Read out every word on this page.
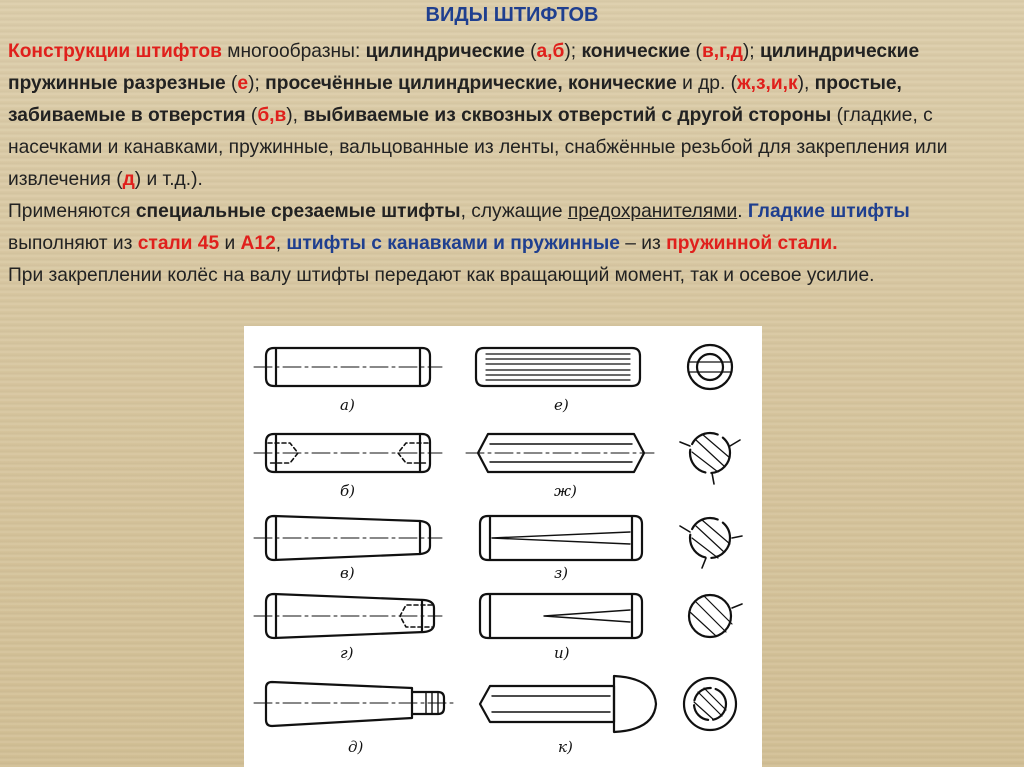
ВИДЫ ШТИФТОВ

Конструкции штифтов многообразны: цилиндрические (а,б); конические (в,г,д); цилиндрические пружинные разрезные (е); просечённые цилиндрические, конические и др. (ж,з,и,к), простые, забиваемые в отверстия (б,в), выбиваемые из сквозных отверстий с другой стороны (гладкие, с насечками и канавками, пружинные, вальцованные из ленты, снабжённые резьбой для закрепления или извлечения (д) и т.д.).

Применяются специальные срезаемые штифты, служащие предохранителями. Гладкие штифты выполняют из стали 45 и А12, штифты с канавками и пружинные – из пружинной стали.

При закреплении колёс на валу штифты передают как вращающий момент, так и осевое усилие.

а)
б)
в)
г)
д)
е)
ж)
з)
и)
к)
